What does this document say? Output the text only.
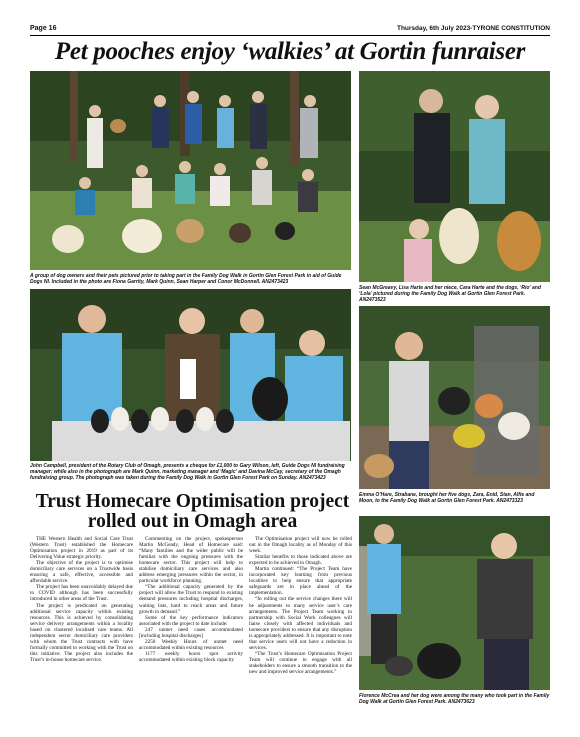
Page 16	Thursday, 6th July 2023-TYRONE CONSTITUTION
Pet pooches enjoy ‘walkies’ at Gortin funraiser
A group of dog owners and their pets pictured prior to taking part in the Family Dog Walk in Gortin Glen Forest Park in aid of Guide Dogs NI. Included in the photo are Fiona Garrity, Mark Quinn, Sean Harper and Conor McDonnell. AN2473423
Sean McGreavy, Lisa Harte and her niece, Cara Harte and the dogs, ‘Rio’ and ‘Lola’ pictured during the Family Dog Walk at Gortin Glen Forest Park. AN2473523
John Campbell, president of the Rotary Club of Omagh, presents a cheque for £1,000 to Gary Wilson, left, Guide Dogs NI fundraising manager; while also in the photograph are Mark Quinn, marketing manager and ‘Magic’ and Davina McCay, secretary of the Omagh fundraising group. The photograph was taken during the Family Dog Walk in Gortin Glen Forest Park on Sunday. AN2473423
Emma O’Hare, Strabane, brought her five dogs, Zara, Enid, Stan, Alfie and Moon, to the Family Dog Walk at Gortin Glen Forest Park. AN2473323
Florence McCrea and her dog were among the many who took part in the Family Dog Walk at Gortin Glen Forest Park. AN2473623
Trust Homecare Optimisation project rolled out in Omagh area

THE Western Health and Social Care Trust (Western Trust) established the Homecare Optimisation project in 2019 as part of its Delivering Value strategic priority.

The objective of the project is to optimise domiciliary care services on a Trustwide basis ensuring a safe, effective, accessible and affordable service.

The project has been unavoidably delayed due to COVID although has been successfully introduced in other areas of the Trust.

The project is predicated on generating additional service capacity within existing resources. This is achieved by consolidating service delivery arrangements within a locality based on clustered localised care teams. All independent sector domiciliary care providers with whom the Trust contracts with have formally committed to working with the Trust on this initiative. The project also includes the Trust’s in-house homecare service.

Commenting on the project, spokesperson Martin McGeady, Head of Homecare said: “Many families and the wider public will be familiar with the ongoing pressures with the homecare sector. This project will help to stabilise domiciliary care services and also address emerging pressures within the sector, in particular workforce planning.

“The additional capacity generated by the project will allow the Trust to respond to existing demand pressures including hospital discharges, waiting lists, hard to reach areas and future growth in demand.”

Some of the key performance indicators associated with the project to date include:

247 unmet need cases accommodated [including hospital discharges]

2250 Weekly Hours of unmet need accommodated within existing resources

1177 weekly hours spot activity accommodated within existing block capacity

The Optimisation project will now be rolled out in the Omagh locality as of Monday of this week.

Similar benefits to those indicated above are expected to be achieved in Omagh.

Martin continued: “The Project Team have incorporated key learning from previous localities to help ensure that appropriate safeguards are in place ahead of the implementation.

“In rolling out the service changes there will be adjustments to many service user’s care arrangements. The Project Team working in partnership with Social Work colleagues will liaise closely with affected individuals and homecare providers to ensure that any disruption is appropriately addressed. It is important to note that service users will not have a reduction in services.

“The Trust’s Homecare Optimisation Project Team will continue to engage with all stakeholders to ensure a smooth transition to the new and improved service arrangements.”
